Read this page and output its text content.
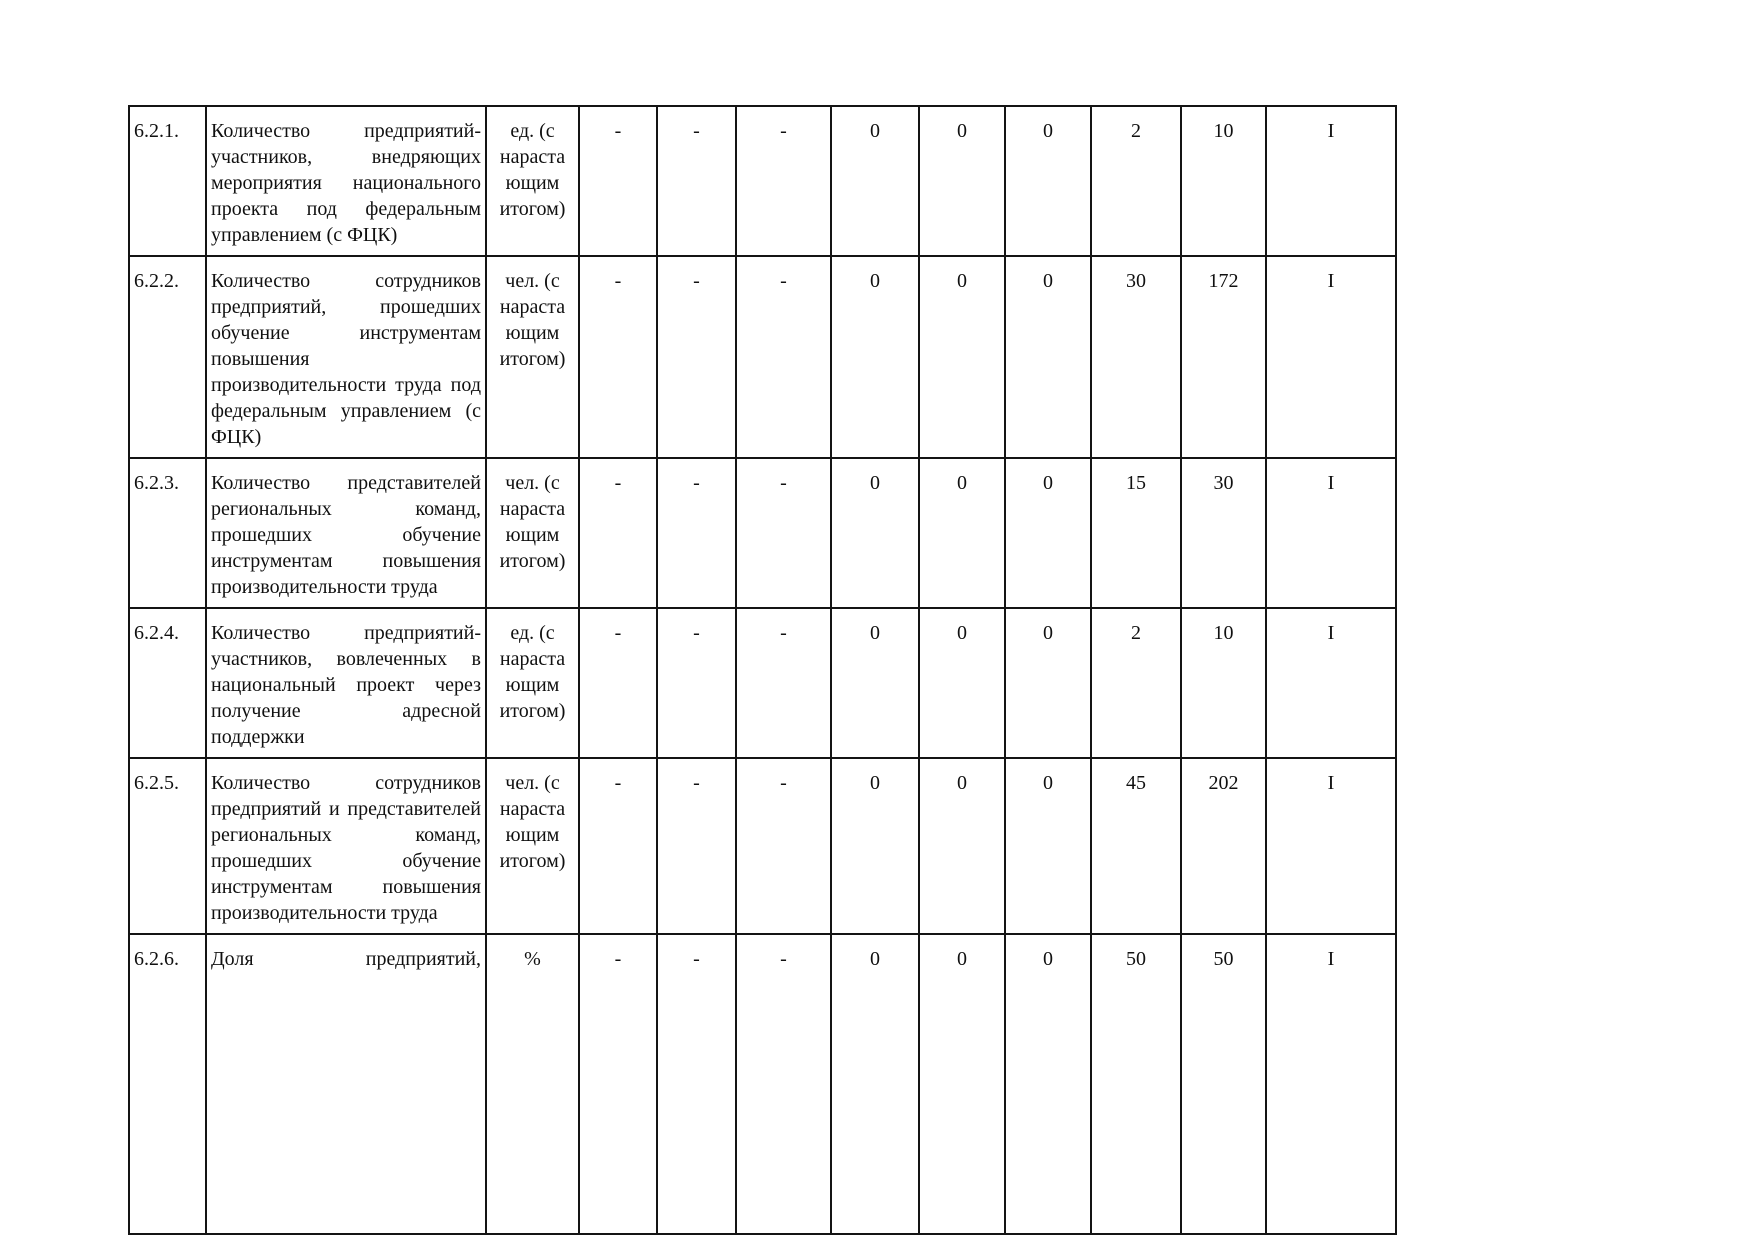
6.2.1.	Количество предприятий-участников, внедряющих мероприятия национального проекта под федеральным управлением (с ФЦК)	ед. (с
нараста
ющим
итогом)	-	-	-	0	0	0	2	10	I
6.2.2.	Количество сотрудников предприятий, прошедших обучение инструментам повышения производительности труда под федеральным управлением (с ФЦК)	чел. (с
нараста
ющим
итогом)	-	-	-	0	0	0	30	172	I
6.2.3.	Количество представителей региональных команд, прошедших обучение инструментам повышения производительности труда	чел. (с
нараста
ющим
итогом)	-	-	-	0	0	0	15	30	I
6.2.4.	Количество предприятий-участников, вовлеченных в национальный проект через получение адресной поддержки	ед. (с
нараста
ющим
итогом)	-	-	-	0	0	0	2	10	I
6.2.5.	Количество сотрудников предприятий и представителей региональных команд, прошедших обучение инструментам повышения производительности труда	чел. (с
нараста
ющим
итогом)	-	-	-	0	0	0	45	202	I
6.2.6.	Доля предприятий,	%	-	-	-	0	0	0	50	50	I
